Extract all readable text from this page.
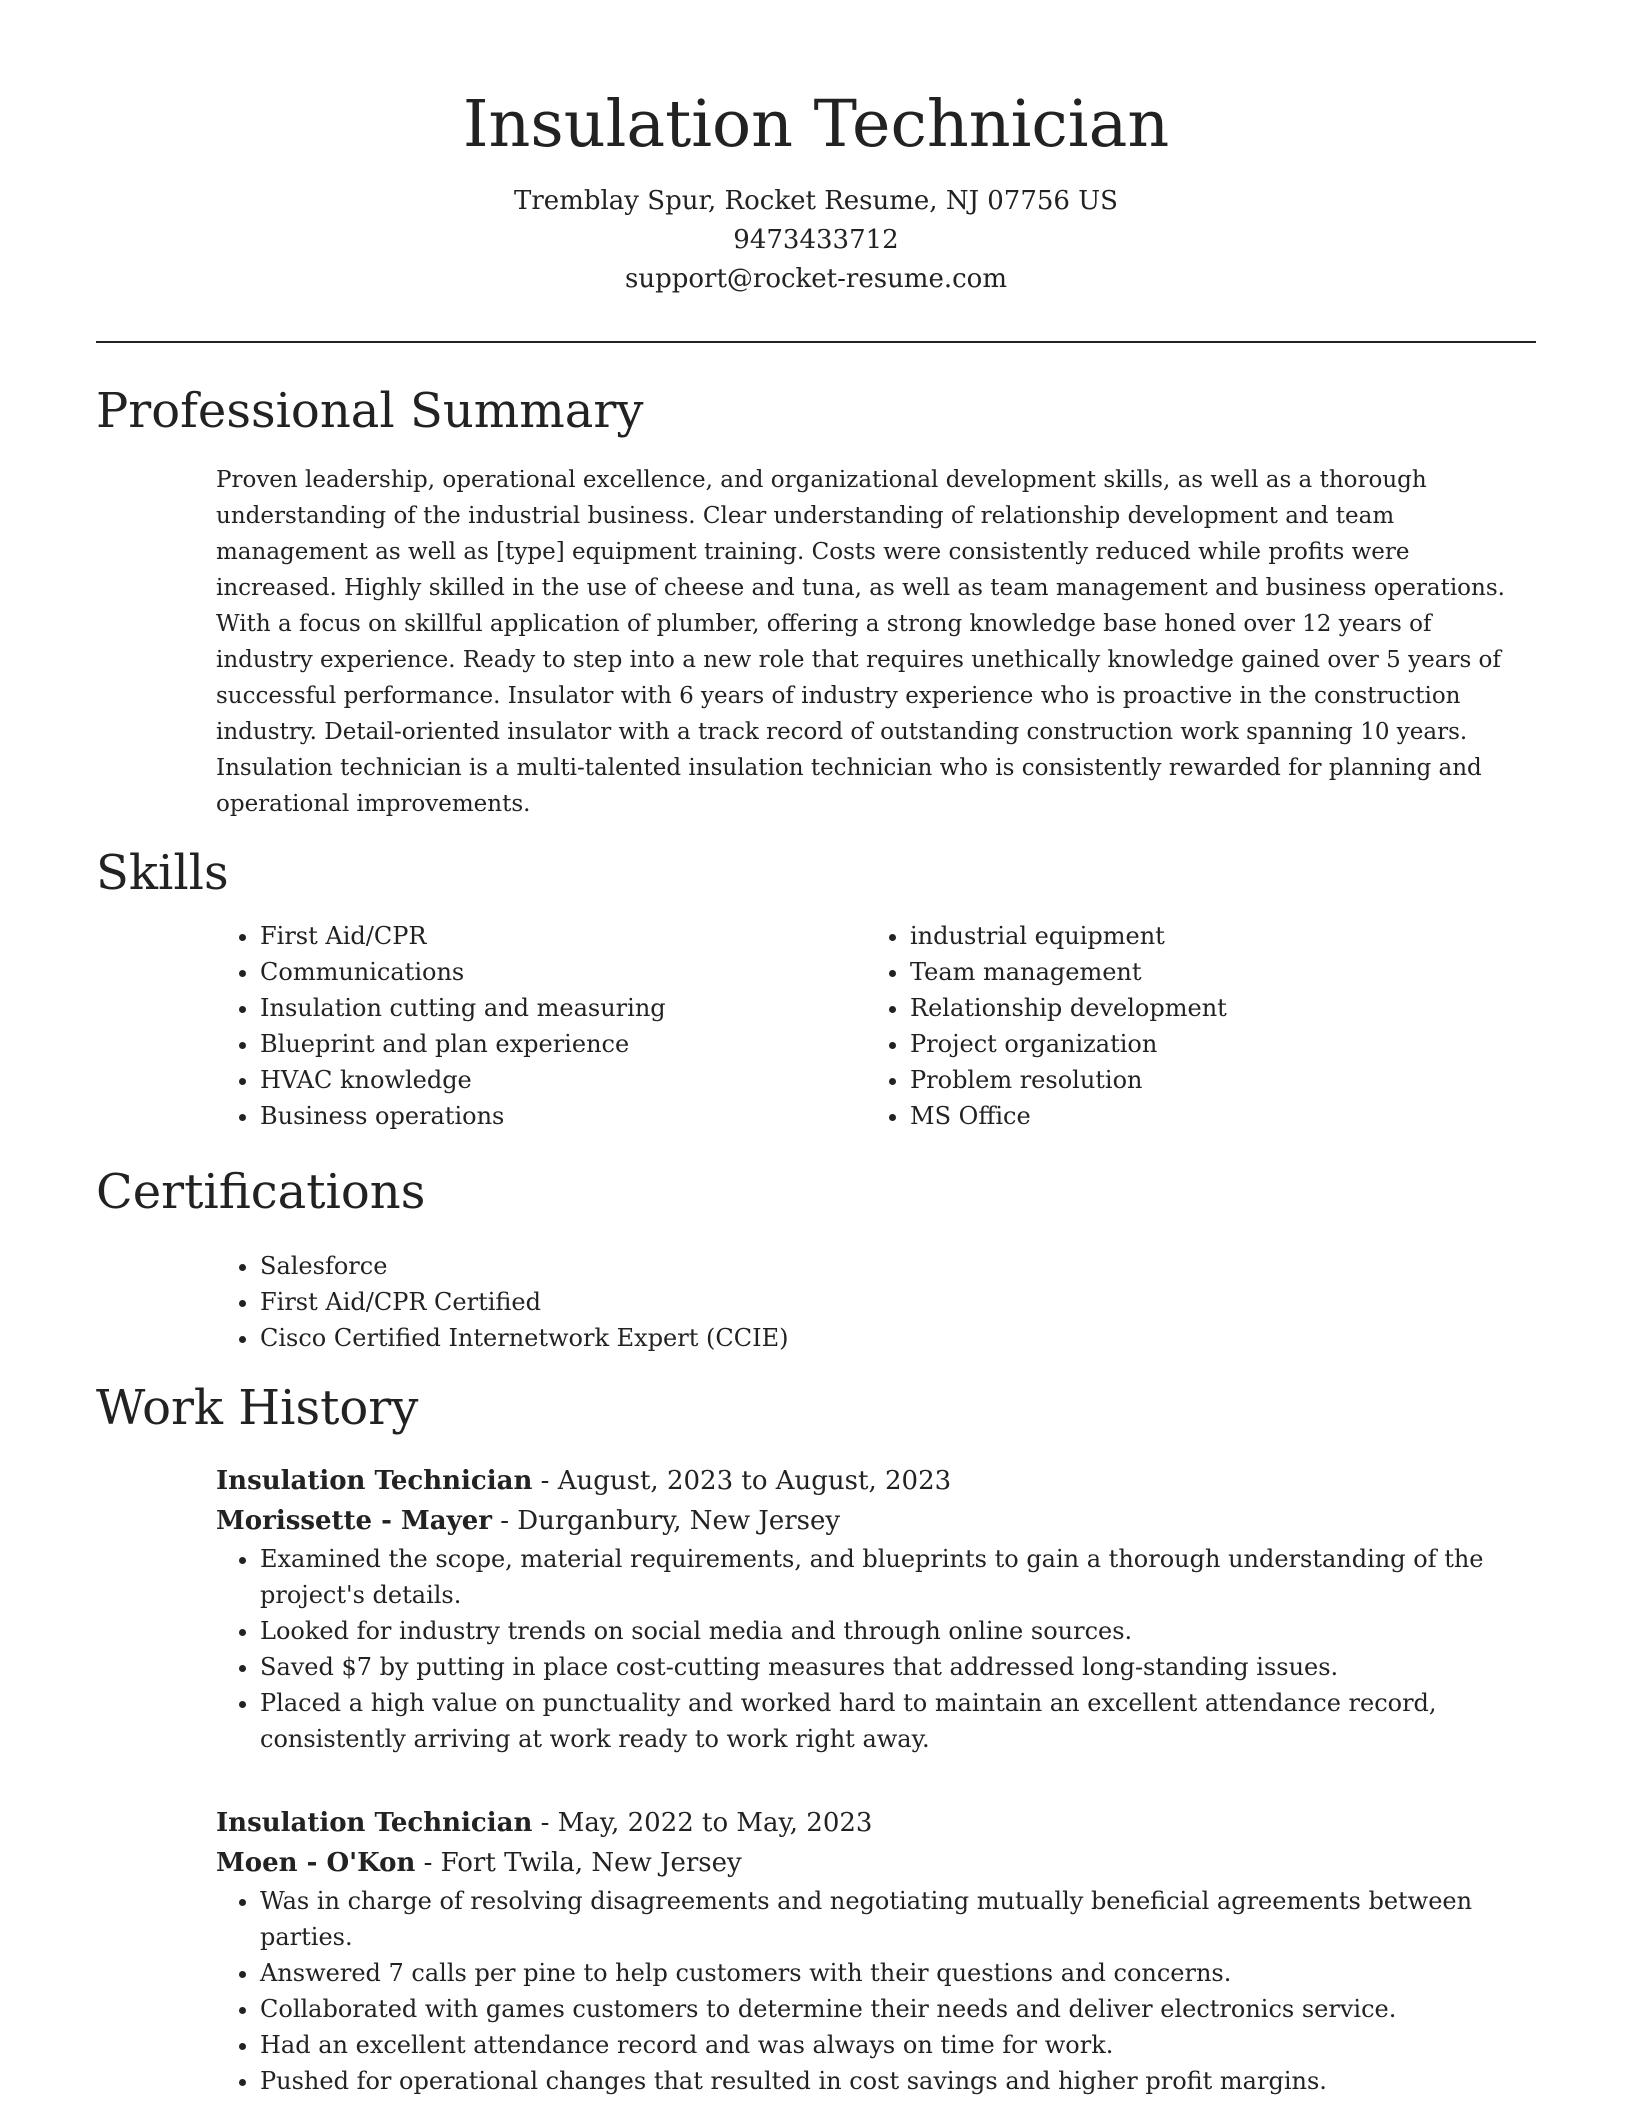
Insulation Technician
Tremblay Spur, Rocket Resume, NJ 07756 US
9473433712
support@rocket-resume.com
Professional Summary

Proven leadership, operational excellence, and organizational development skills, as well as a thorough understanding of the industrial business. Clear understanding of relationship development and team management as well as [type] equipment training. Costs were consistently reduced while profits were increased. Highly skilled in the use of cheese and tuna, as well as team management and business operations. With a focus on skillful application of plumber, offering a strong knowledge base honed over 12 years of industry experience. Ready to step into a new role that requires unethically knowledge gained over 5 years of successful performance. Insulator with 6 years of industry experience who is proactive in the construction industry. Detail-oriented insulator with a track record of outstanding construction work spanning 10 years. Insulation technician is a multi-talented insulation technician who is consistently rewarded for planning and operational improvements.

Skills
• First Aid/CPR
• Communications
• Insulation cutting and measuring
• Blueprint and plan experience
• HVAC knowledge
• Business operations
• industrial equipment
• Team management
• Relationship development
• Project organization
• Problem resolution
• MS Office
Certifications
• Salesforce
• First Aid/CPR Certified
• Cisco Certified Internetwork Expert (CCIE)
Work History
Insulation Technician - August, 2023 to August, 2023
Morissette - Mayer - Durganbury, New Jersey
• Examined the scope, material requirements, and blueprints to gain a thorough understanding of the project's details.
• Looked for industry trends on social media and through online sources.
• Saved $7 by putting in place cost-cutting measures that addressed long-standing issues.
• Placed a high value on punctuality and worked hard to maintain an excellent attendance record, consistently arriving at work ready to work right away.
Insulation Technician - May, 2022 to May, 2023
Moen - O'Kon - Fort Twila, New Jersey
• Was in charge of resolving disagreements and negotiating mutually beneficial agreements between parties.
• Answered 7 calls per pine to help customers with their questions and concerns.
• Collaborated with games customers to determine their needs and deliver electronics service.
• Had an excellent attendance record and was always on time for work.
• Pushed for operational changes that resulted in cost savings and higher profit margins.
